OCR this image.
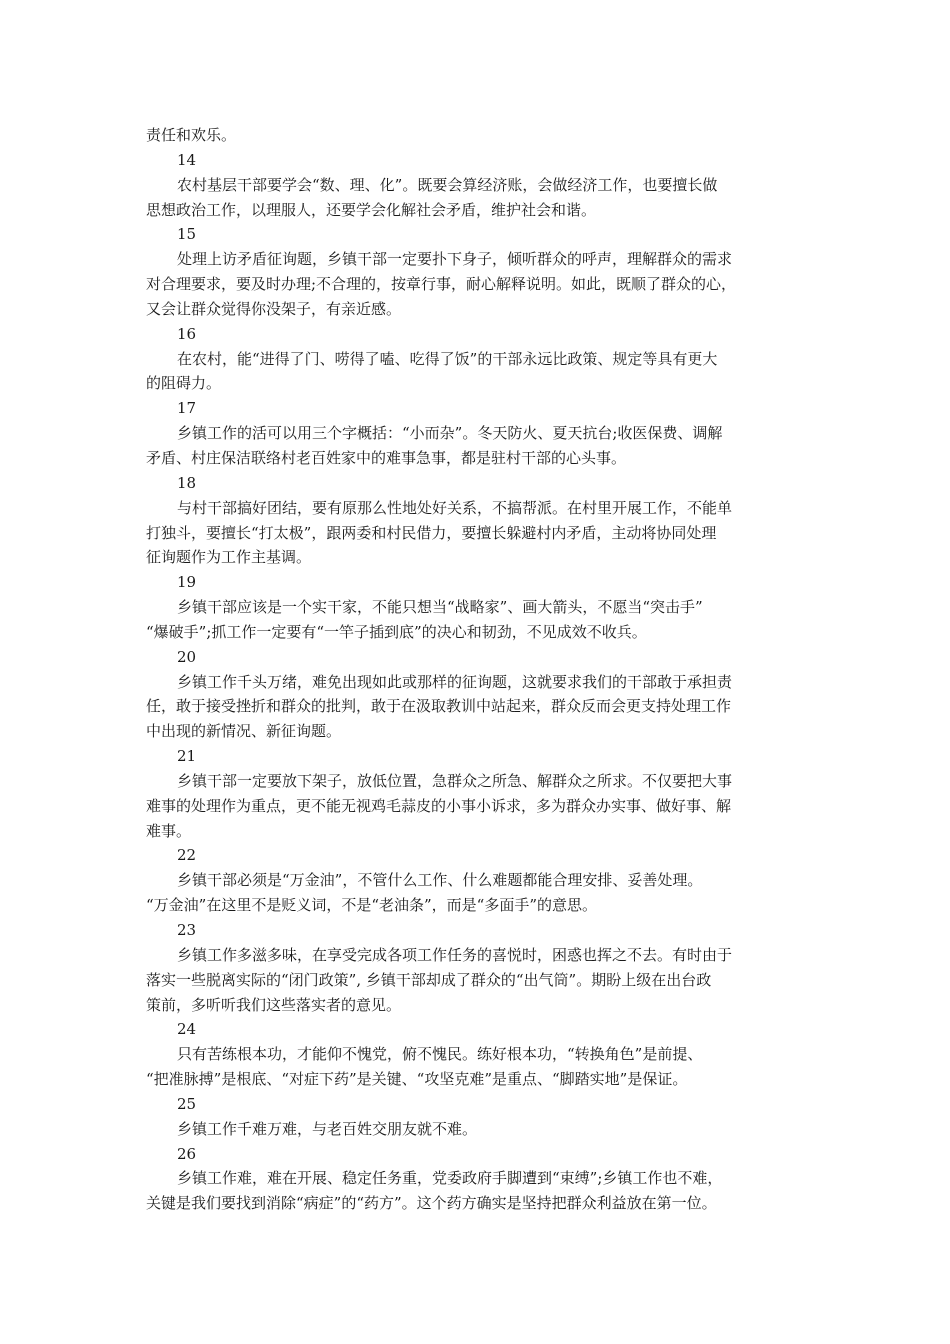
责任和欢乐。
14
农村基层干部要学会“数、理、化”。既要会算经济账，会做经济工作，也要擅长做
思想政治工作，以理服人，还要学会化解社会矛盾，维护社会和谐。
15
处理上访矛盾征询题，乡镇干部一定要扑下身子，倾听群众的呼声，理解群众的需求
对合理要求，要及时办理;不合理的，按章行事，耐心解释说明。如此，既顺了群众的心，
又会让群众觉得你没架子，有亲近感。
16
在农村，能“进得了门、唠得了嗑、吃得了饭”的干部永远比政策、规定等具有更大
的阻碍力。
17
乡镇工作的活可以用三个字概括：“小而杂”。冬天防火、夏天抗台;收医保费、调解
矛盾、村庄保洁联络村老百姓家中的难事急事，都是驻村干部的心头事。
18
与村干部搞好团结，要有原那么性地处好关系，不搞帮派。在村里开展工作，不能单
打独斗，要擅长“打太极”，跟两委和村民借力，要擅长躲避村内矛盾，主动将协同处理
征询题作为工作主基调。
19
乡镇干部应该是一个实干家，不能只想当“战略家”、画大箭头，不愿当“突击手”
“爆破手”;抓工作一定要有“一竿子插到底”的决心和韧劲，不见成效不收兵。
20
乡镇工作千头万绪，难免出现如此或那样的征询题，这就要求我们的干部敢于承担责
任，敢于接受挫折和群众的批判，敢于在汲取教训中站起来，群众反而会更支持处理工作
中出现的新情况、新征询题。
21
乡镇干部一定要放下架子，放低位置，急群众之所急、解群众之所求。不仅要把大事
难事的处理作为重点，更不能无视鸡毛蒜皮的小事小诉求，多为群众办实事、做好事、解
难事。
22
乡镇干部必须是“万金油”，不管什么工作、什么难题都能合理安排、妥善处理。
“万金油”在这里不是贬义词，不是“老油条”，而是“多面手”的意思。
23
乡镇工作多滋多味，在享受完成各项工作任务的喜悦时，困惑也挥之不去。有时由于
落实一些脱离实际的“闭门政策”, 乡镇干部却成了群众的“出气筒”。期盼上级在出台政
策前，多听听我们这些落实者的意见。
24
只有苦练根本功，才能仰不愧党，俯不愧民。练好根本功，“转换角色”是前提、
“把准脉搏”是根底、“对症下药”是关键、“攻坚克难”是重点、“脚踏实地”是保证。
25
乡镇工作千难万难，与老百姓交朋友就不难。
26
乡镇工作难，难在开展、稳定任务重，党委政府手脚遭到“束缚”;乡镇工作也不难，
关键是我们要找到消除“病症”的“药方”。这个药方确实是坚持把群众利益放在第一位。
